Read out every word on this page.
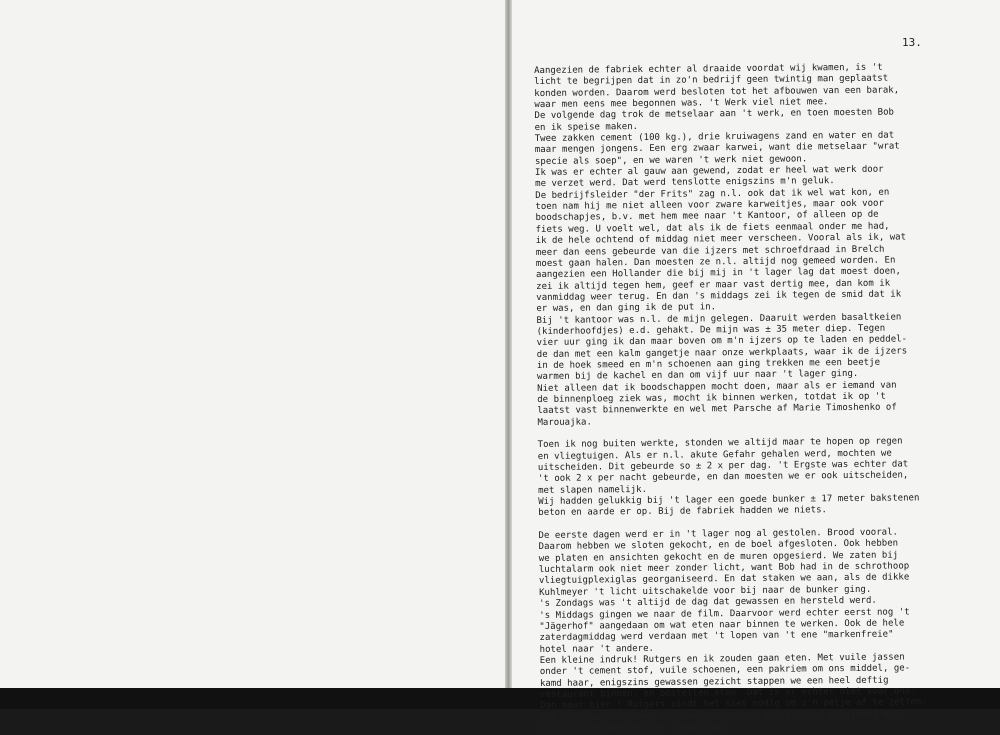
13.
Aangezien de fabriek echter al draaide voordat wij kwamen, is 't
licht te begrijpen dat in zo'n bedrijf geen twintig man geplaatst
konden worden. Daarom werd besloten tot het afbouwen van een barak,
waar men eens mee begonnen was. 't Werk viel niet mee.
De volgende dag trok de metselaar aan 't werk, en toen moesten Bob
en ik speise maken.
Twee zakken cement (100 kg.), drie kruiwagens zand en water en dat
maar mengen jongens. Een erg zwaar karwei, want die metselaar "wrat
specie als soep", en we waren 't werk niet gewoon.
Ik was er echter al gauw aan gewend, zodat er heel wat werk door
me verzet werd. Dat werd tenslotte enigszins m'n geluk.
De bedrijfsleider "der Frits" zag n.l. ook dat ik wel wat kon, en
toen nam hij me niet alleen voor zware karweitjes, maar ook voor
boodschapjes, b.v. met hem mee naar 't Kantoor, of alleen op de
fiets weg. U voelt wel, dat als ik de fiets eenmaal onder me had,
ik de hele ochtend of middag niet meer verscheen. Vooral als ik, wat
meer dan eens gebeurde van die ijzers met schroefdraad in Brelch
moest gaan halen. Dan moesten ze n.l. altijd nog gemeed worden. En
aangezien een Hollander die bij mij in 't lager lag dat moest doen,
zei ik altijd tegen hem, geef er maar vast dertig mee, dan kom ik
vanmiddag weer terug. En dan 's middags zei ik tegen de smid dat ik
er was, en dan ging ik de put in.
Bij 't kantoor was n.l. de mijn gelegen. Daaruit werden basaltkeien
(kinderhoofdjes) e.d. gehakt. De mijn was ± 35 meter diep. Tegen
vier uur ging ik dan maar boven om m'n ijzers op te laden en peddel-
de dan met een kalm gangetje naar onze werkplaats, waar ik de ijzers
in de hoek smeed en m'n schoenen aan ging trekken me een beetje
warmen bij de kachel en dan om vijf uur naar 't lager ging.
Niet alleen dat ik boodschappen mocht doen, maar als er iemand van
de binnenploeg ziek was, mocht ik binnen werken, totdat ik op 't
laatst vast binnenwerkte en wel met Parsche af Marie Timoshenko of
Marouajka.
Toen ik nog buiten werkte, stonden we altijd maar te hopen op regen
en vliegtuigen. Als er n.l. akute Gefahr gehalen werd, mochten we
uitscheiden. Dit gebeurde so ± 2 x per dag. 't Ergste was echter dat
't ook 2 x per nacht gebeurde, en dan moesten we er ook uitscheiden,
met slapen namelijk.
Wij hadden gelukkig bij 't lager een goede bunker ± 17 meter bakstenen
beton en aarde er op. Bij de fabriek hadden we niets.
De eerste dagen werd er in 't lager nog al gestolen. Brood vooral.
Daarom hebben we sloten gekocht, en de boel afgesloten. Ook hebben
we platen en ansichten gekocht en de muren opgesierd. We zaten bij
luchtalarm ook niet meer zonder licht, want Bob had in de schrothoop
vliegtuigplexiglas georganiseerd. En dat staken we aan, als de dikke
Kuhlmeyer 't licht uitschakelde voor bij naar de bunker ging.
's Zondags was 't altijd de dag dat gewassen en hersteld werd.
's Middags gingen we naar de film. Daarvoor werd echter eerst nog 't
"Jägerhof" aangedaan om wat eten naar binnen te werken. Ook de hele
zaterdagmiddag werd verdaan met 't lopen van 't ene "markenfreie"
hotel naar 't andere.
Een kleine indruk! Rutgers en ik zouden gaan eten. Met vuile jassen
onder 't cement stof, vuile schoenen, een pakriem om ons middel, ge-
kamd haar, enigszins gewassen gezicht stappen we een heel deftig
restaurant binnen, en bestellen eten. Dat is er echter niet voor ons.
Dan maar bier ! Rutgers vindt het niet nodig om z'n petje af te zetten.
Tot overmaat van ramp komt de directeur, een statige grijsaard met
allesziende ogen op ons toegestapt.
